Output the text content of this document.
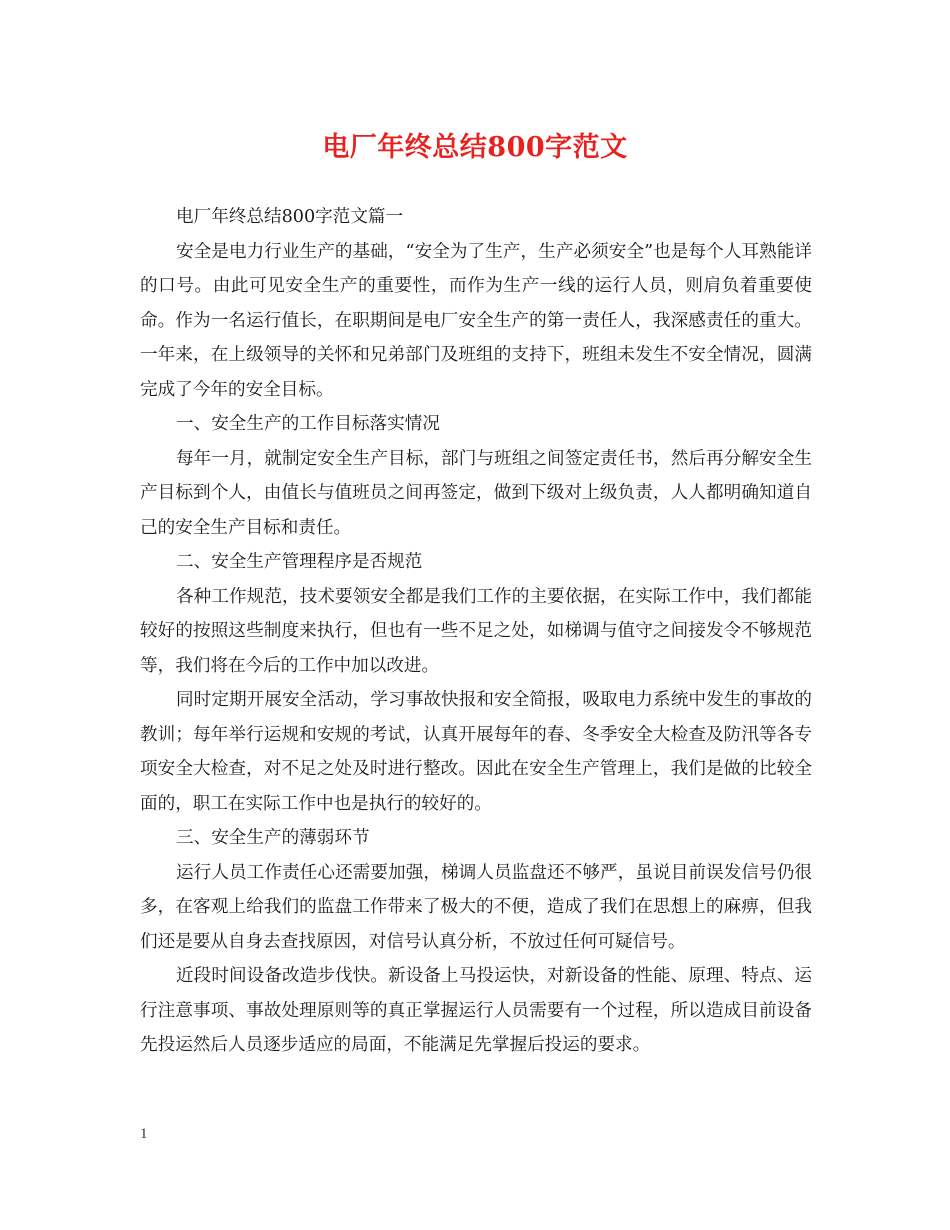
电厂年终总结800字范文

电厂年终总结800字范文篇一

安全是电力行业生产的基础，“安全为了生产，生产必须安全”也是每个人耳熟能详的口号。由此可见安全生产的重要性，而作为生产一线的运行人员，则肩负着重要使命。作为一名运行值长，在职期间是电厂安全生产的第一责任人，我深感责任的重大。一年来，在上级领导的关怀和兄弟部门及班组的支持下，班组未发生不安全情况，圆满完成了今年的安全目标。

一、安全生产的工作目标落实情况

每年一月，就制定安全生产目标，部门与班组之间签定责任书，然后再分解安全生产目标到个人，由值长与值班员之间再签定，做到下级对上级负责，人人都明确知道自己的安全生产目标和责任。

二、安全生产管理程序是否规范

各种工作规范，技术要领安全都是我们工作的主要依据，在实际工作中，我们都能较好的按照这些制度来执行，但也有一些不足之处，如梯调与值守之间接发令不够规范等，我们将在今后的工作中加以改进。

同时定期开展安全活动，学习事故快报和安全简报，吸取电力系统中发生的事故的教训；每年举行运规和安规的考试，认真开展每年的春、冬季安全大检查及防汛等各专项安全大检查，对不足之处及时进行整改。因此在安全生产管理上，我们是做的比较全面的，职工在实际工作中也是执行的较好的。

三、安全生产的薄弱环节

运行人员工作责任心还需要加强，梯调人员监盘还不够严，虽说目前误发信号仍很多，在客观上给我们的监盘工作带来了极大的不便，造成了我们在思想上的麻痹，但我们还是要从自身去查找原因，对信号认真分析，不放过任何可疑信号。

近段时间设备改造步伐快。新设备上马投运快，对新设备的性能、原理、特点、运行注意事项、事故处理原则等的真正掌握运行人员需要有一个过程，所以造成目前设备先投运然后人员逐步适应的局面，不能满足先掌握后投运的要求。

1
